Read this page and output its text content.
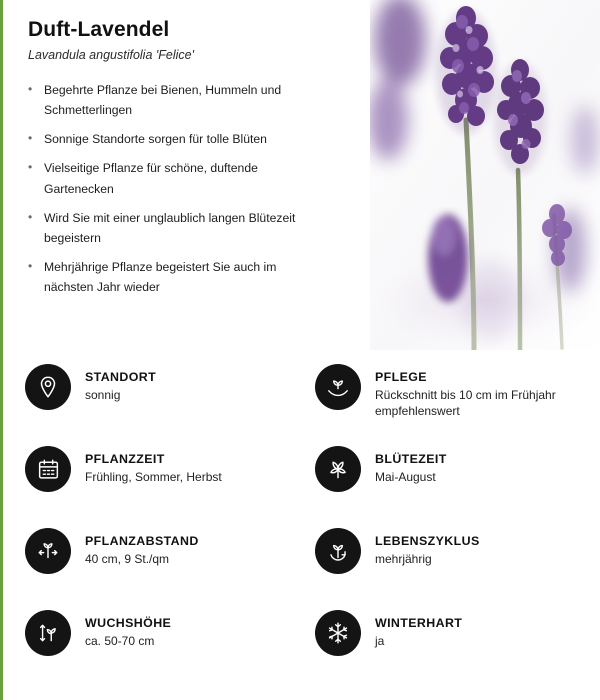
Duft-Lavendel
Lavandula angustifolia 'Felice'
• Begehrte Pflanze bei Bienen, Hummeln und Schmetterlingen
• Sonnige Standorte sorgen für tolle Blüten
• Vielseitige Pflanze für schöne, duftende Gartenecken
• Wird Sie mit einer unglaublich langen Blütezeit begeistern
• Mehrjährige Pflanze begeistert Sie auch im nächsten Jahr wieder
STANDORT
sonnig
PFLEGE
Rückschnitt bis 10 cm im Frühjahr empfehlenswert
PFLANZZEIT
Frühling, Sommer, Herbst
BLÜTEZEIT
Mai-August
PFLANZABSTAND
40 cm, 9 St./qm
LEBENSZYKLUS
mehrjährig
WUCHSHÖHE
ca. 50-70 cm
WINTERHART
ja
